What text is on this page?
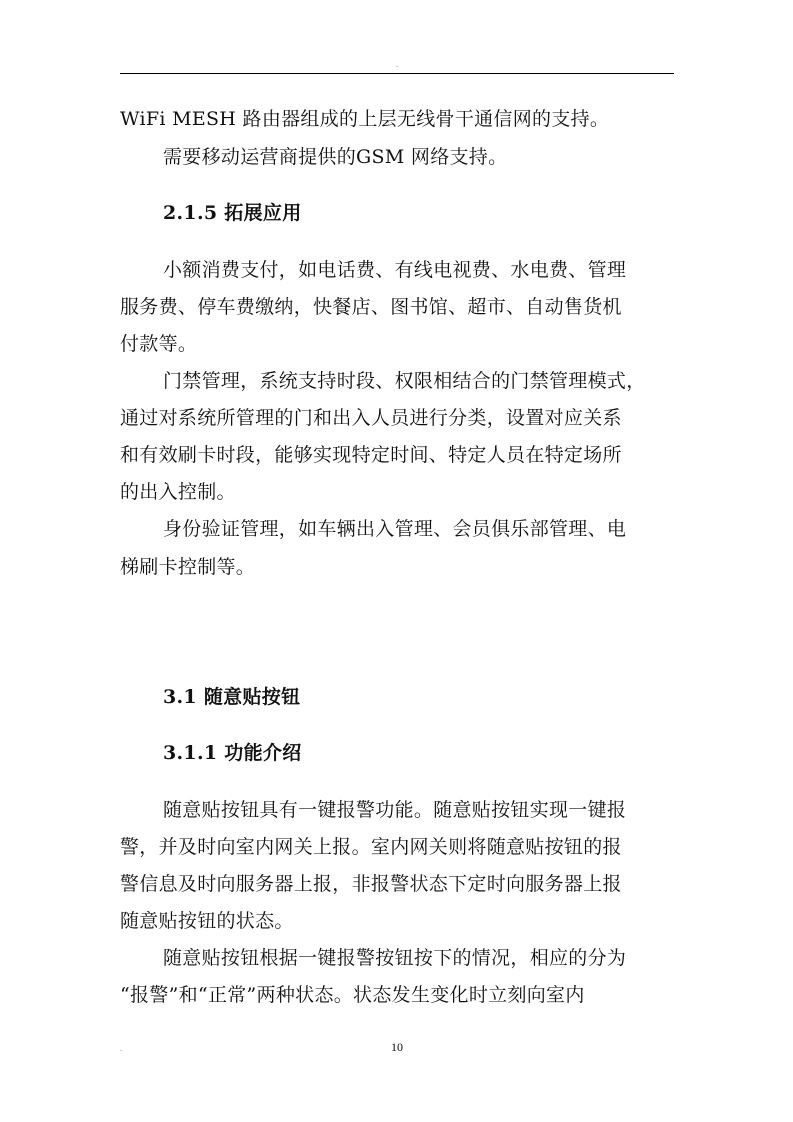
.
WiFi MESH 路由器组成的上层无线骨干通信网的支持。
需要移动运营商提供的GSM 网络支持。
2.1.5 拓展应用
小额消费支付，如电话费、有线电视费、水电费、管理
服务费、停车费缴纳，快餐店、图书馆、超市、自动售货机
付款等。
门禁管理，系统支持时段、权限相结合的门禁管理模式，
通过对系统所管理的门和出入人员进行分类，设置对应关系
和有效刷卡时段，能够实现特定时间、特定人员在特定场所
的出入控制。
身份验证管理，如车辆出入管理、会员俱乐部管理、电
梯刷卡控制等。
3.1 随意贴按钮
3.1.1 功能介绍
随意贴按钮具有一键报警功能。随意贴按钮实现一键报
警，并及时向室内网关上报。室内网关则将随意贴按钮的报
警信息及时向服务器上报，非报警状态下定时向服务器上报
随意贴按钮的状态。
随意贴按钮根据一键报警按钮按下的情况，相应的分为
“报警”和“正常”两种状态。状态发生变化时立刻向室内
.	10
